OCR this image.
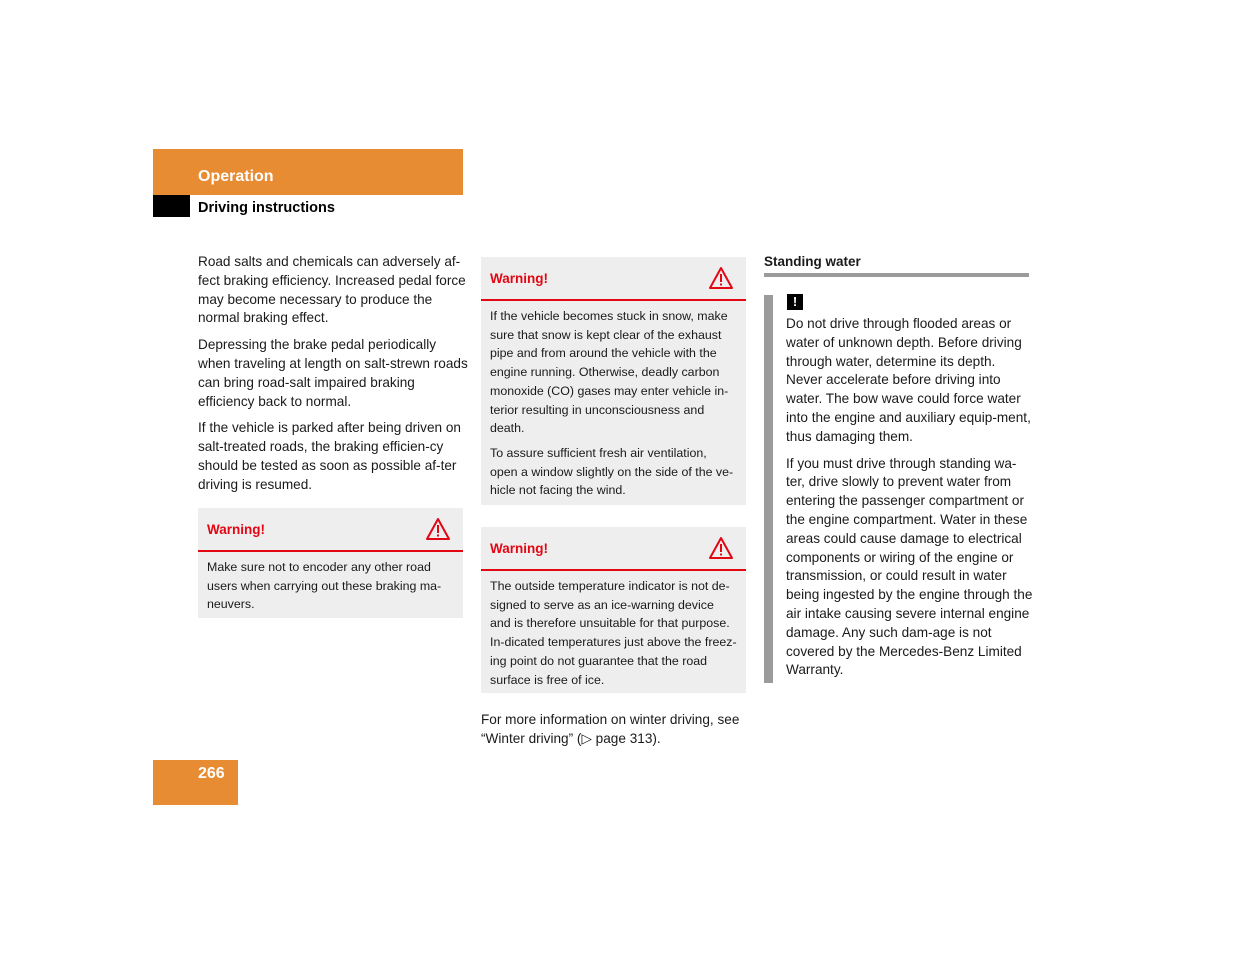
Operation
Driving instructions

Road salts and chemicals can adversely af-fect braking efficiency. Increased pedal force may become necessary to produce the normal braking effect.

Depressing the brake pedal periodically when traveling at length on salt-strewn roads can bring road-salt impaired braking efficiency back to normal.

If the vehicle is parked after being driven on salt-treated roads, the braking efficien-cy should be tested as soon as possible af-ter driving is resumed.

Warning!
Make sure not to encoder any other road users when carrying out these braking ma-neuvers.
Warning!

If the vehicle becomes stuck in snow, make sure that snow is kept clear of the exhaust pipe and from around the vehicle with the engine running. Otherwise, deadly carbon monoxide (CO) gases may enter vehicle in-terior resulting in unconsciousness and death.

To assure sufficient fresh air ventilation, open a window slightly on the side of the ve-hicle not facing the wind.

Warning!
The outside temperature indicator is not de-signed to serve as an ice-warning device and is therefore unsuitable for that purpose. In-dicated temperatures just above the freez-ing point do not guarantee that the road surface is free of ice.

For more information on winter driving, see “Winter driving” (▷ page 313).

Standing water
!

Do not drive through flooded areas or water of unknown depth. Before driving through water, determine its depth. Never accelerate before driving into water. The bow wave could force water into the engine and auxiliary equip-ment, thus damaging them.

If you must drive through standing wa-ter, drive slowly to prevent water from entering the passenger compartment or the engine compartment. Water in these areas could cause damage to electrical components or wiring of the engine or transmission, or could result in water being ingested by the engine through the air intake causing severe internal engine damage. Any such dam-age is not covered by the Mercedes-Benz Limited Warranty.

266
